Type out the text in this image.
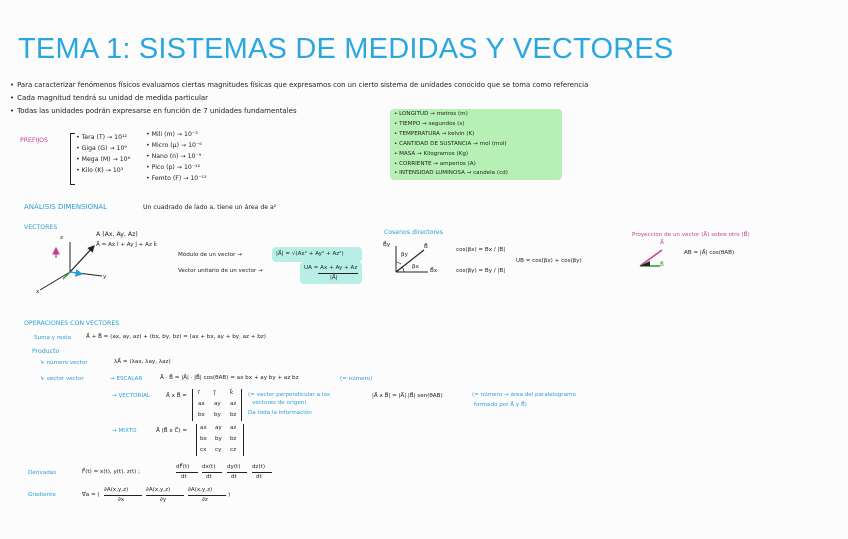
TEMA 1: SISTEMAS DE MEDIDAS Y VECTORES
• Para caracterizar fenómenos físicos evaluamos ciertas magnitudes físicas que expresamos con un cierto sistema de unidades conocido que se toma como referencia
• Cada magnitud tendrá su unidad de medida particular
• Todas las unidades podrán expresarse en función de 7 unidades fundamentales
PREFIJOS	• Tera (T) → 10¹²
• Giga (G) → 10⁹
• Mega (M) → 10⁶
• Kilo (K) → 10³
• Mili (m) → 10⁻³
• Micro (μ) → 10⁻⁶
• Nano (n) → 10⁻⁹
• Pico (p) → 10⁻¹²
• Femto (F) → 10⁻¹⁵
• LONGITUD → metros (m)
• TIEMPO → segundos (s)
• TEMPERATURA → kelvin (K)
• CANTIDAD DE SUSTANCIA → mol (mol)
• MASA → Kilogramos (Kg)
• CORRIENTE → amperios (A)
• INTENSIDAD LUMINOSA → candela (cd)
ANÁLISIS DIMENSIONAL	Un cuadrado de lado a, tiene un área de a²
VECTORES
z
y
x
A (Ax, Ay, Az)
A⃗ = Ax î + Ay ĵ + Az k̂
Módulo de un vector →	|A⃗| = √(Ax² + Ay² + Az²)
Vector unitario de un vector →	UA = Ax + Ay + Az
|A⃗|
Cosenos directores
B⃗y
B⃗x
B⃗
βy
βx
cos(βx) = Bx / |B|
cos(βy) = By / |B|
UB = cos(βx) + cos(βy)
Proyección de un vector (A⃗) sobre otro (B⃗)
A⃗
B⃗
AB = |A⃗| cos(θAB)
OPERACIONES CON VECTORES
Suma y resta	A⃗ + B⃗ = (ax, ay, az) + (bx, by, bz) = (ax + bx, ay + by, az + bz)
Producto
↳ número vector	λA⃗ = (λax, λay, λaz)
↳ vector vector	→ ESCALAR	A⃗ · B⃗ = |A⃗| · |B⃗| cos(θAB) = ax bx + ay by + az bz	(= número)
→ VECTORIAL	A⃗ x B⃗ = i⃗	j⃗	k⃗
ax ay az
bx by bz
(= vector perpendicular a los
vectores de origen)
Da toda la información
|A⃗ x B⃗| = |A⃗| |B⃗| sen(θAB)	(= número → área del paralelogramo
formado por A⃗ y B⃗)
→ MIXTO	A⃗ (B⃗ x C⃗) = ax ay az
bx by bz
cx cy cz
Derivadas	F⃗(t) = x(t), y(t), z(t) ;
dF⃗(t)
dt
dx(t)
dt
dy(t)
dt
dz(t)
dt
Gradiente	∇⃗a = (
∂A(x,y,z)
∂x
∂A(x,y,z)
∂y
∂A(x,y,z)
∂z
)
